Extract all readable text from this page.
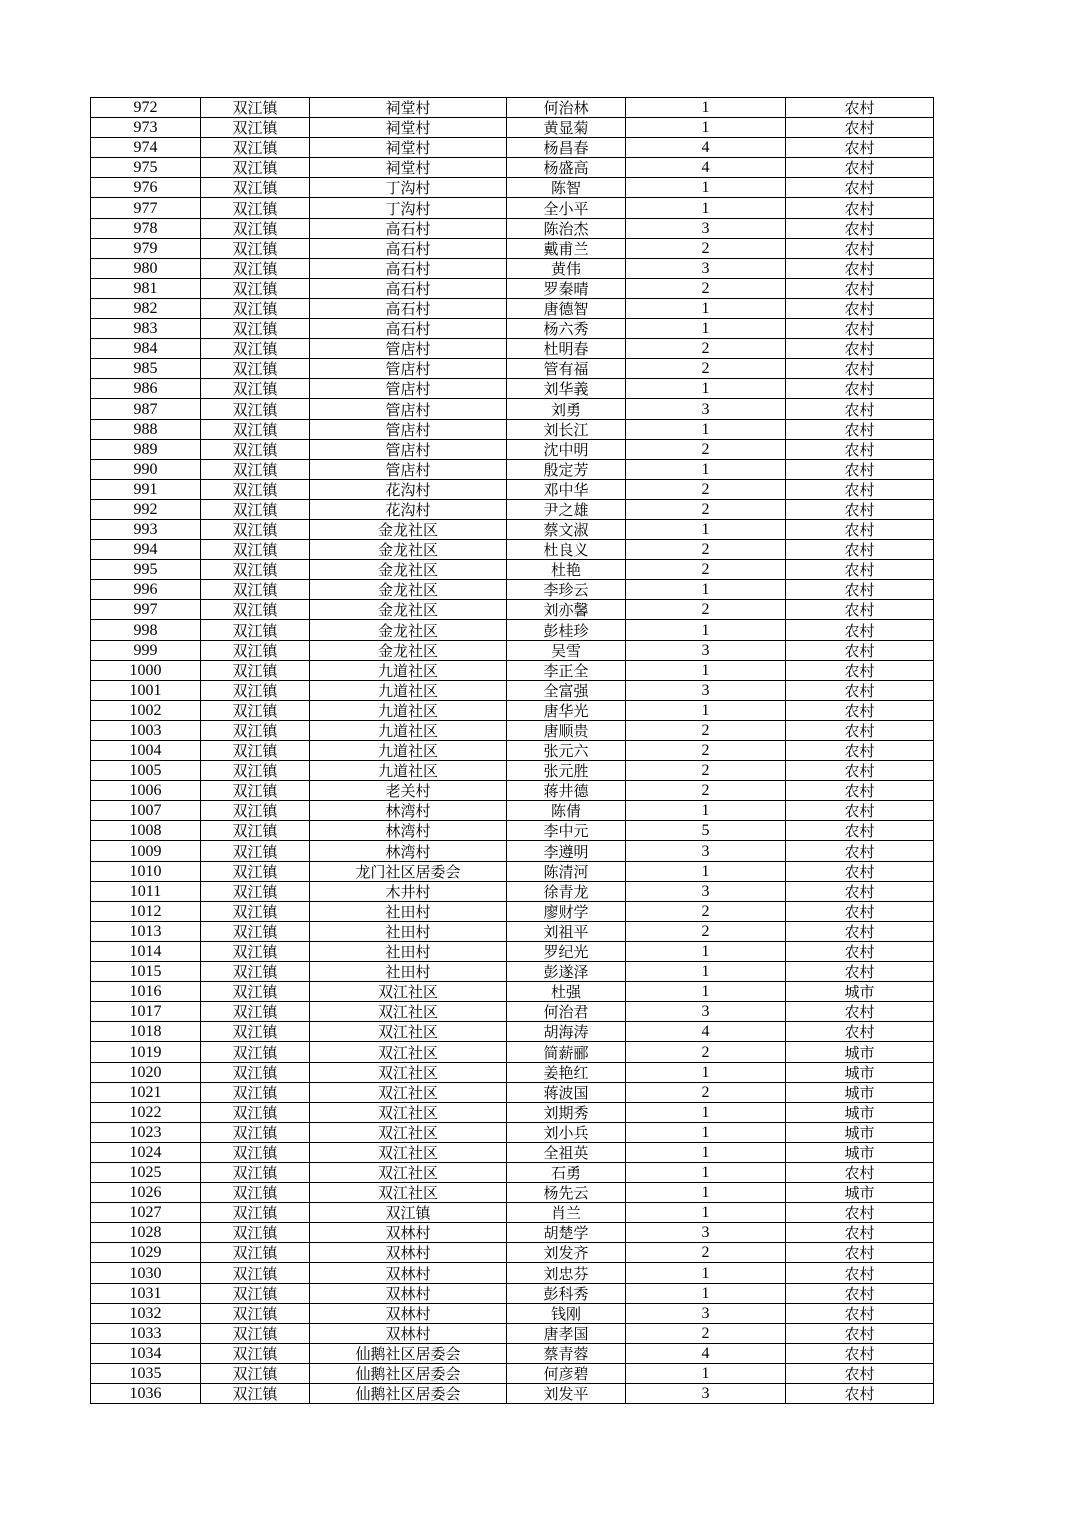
972	双江镇	祠堂村	何治林	1	农村
973	双江镇	祠堂村	黄显菊	1	农村
974	双江镇	祠堂村	杨昌春	4	农村
975	双江镇	祠堂村	杨盛高	4	农村
976	双江镇	丁沟村	陈智	1	农村
977	双江镇	丁沟村	全小平	1	农村
978	双江镇	高石村	陈治杰	3	农村
979	双江镇	高石村	戴甫兰	2	农村
980	双江镇	高石村	黄伟	3	农村
981	双江镇	高石村	罗秦晴	2	农村
982	双江镇	高石村	唐德智	1	农村
983	双江镇	高石村	杨六秀	1	农村
984	双江镇	管店村	杜明春	2	农村
985	双江镇	管店村	管有福	2	农村
986	双江镇	管店村	刘华義	1	农村
987	双江镇	管店村	刘勇	3	农村
988	双江镇	管店村	刘长江	1	农村
989	双江镇	管店村	沈中明	2	农村
990	双江镇	管店村	殷定芳	1	农村
991	双江镇	花沟村	邓中华	2	农村
992	双江镇	花沟村	尹之雄	2	农村
993	双江镇	金龙社区	蔡文淑	1	农村
994	双江镇	金龙社区	杜良义	2	农村
995	双江镇	金龙社区	杜艳	2	农村
996	双江镇	金龙社区	李珍云	1	农村
997	双江镇	金龙社区	刘亦馨	2	农村
998	双江镇	金龙社区	彭桂珍	1	农村
999	双江镇	金龙社区	吴雪	3	农村
1000	双江镇	九道社区	李正全	1	农村
1001	双江镇	九道社区	全富强	3	农村
1002	双江镇	九道社区	唐华光	1	农村
1003	双江镇	九道社区	唐顺贵	2	农村
1004	双江镇	九道社区	张元六	2	农村
1005	双江镇	九道社区	张元胜	2	农村
1006	双江镇	老关村	蒋井德	2	农村
1007	双江镇	林湾村	陈倩	1	农村
1008	双江镇	林湾村	李中元	5	农村
1009	双江镇	林湾村	李遵明	3	农村
1010	双江镇	龙门社区居委会	陈清河	1	农村
1011	双江镇	木井村	徐青龙	3	农村
1012	双江镇	社田村	廖财学	2	农村
1013	双江镇	社田村	刘祖平	2	农村
1014	双江镇	社田村	罗纪光	1	农村
1015	双江镇	社田村	彭遂泽	1	农村
1016	双江镇	双江社区	杜强	1	城市
1017	双江镇	双江社区	何治君	3	农村
1018	双江镇	双江社区	胡海涛	4	农村
1019	双江镇	双江社区	简薪郦	2	城市
1020	双江镇	双江社区	姜艳红	1	城市
1021	双江镇	双江社区	蒋波国	2	城市
1022	双江镇	双江社区	刘期秀	1	城市
1023	双江镇	双江社区	刘小兵	1	城市
1024	双江镇	双江社区	全祖英	1	城市
1025	双江镇	双江社区	石勇	1	农村
1026	双江镇	双江社区	杨先云	1	城市
1027	双江镇	双江镇	肖兰	1	农村
1028	双江镇	双林村	胡楚学	3	农村
1029	双江镇	双林村	刘发齐	2	农村
1030	双江镇	双林村	刘忠芬	1	农村
1031	双江镇	双林村	彭科秀	1	农村
1032	双江镇	双林村	钱刚	3	农村
1033	双江镇	双林村	唐孝国	2	农村
1034	双江镇	仙鹅社区居委会	蔡青蓉	4	农村
1035	双江镇	仙鹅社区居委会	何彦碧	1	农村
1036	双江镇	仙鹅社区居委会	刘发平	3	农村
